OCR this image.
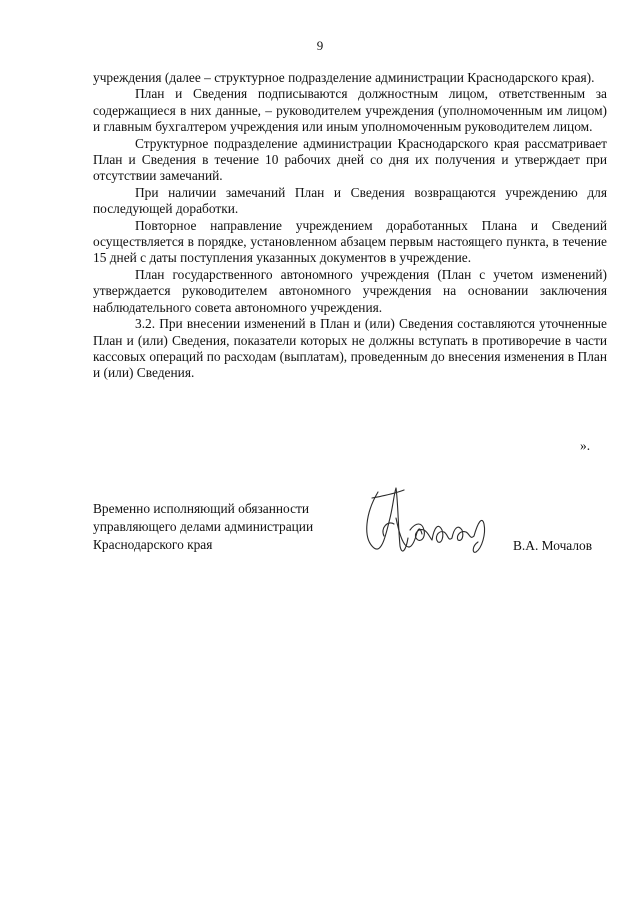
9

учреждения (далее – структурное подразделение администрации Краснодарского края).

План и Сведения подписываются должностным лицом, ответственным за содержащиеся в них данные, – руководителем учреждения (уполномоченным им лицом) и главным бухгалтером учреждения или иным уполномоченным руководителем лицом.

Структурное подразделение администрации Краснодарского края рассматривает План и Сведения в течение 10 рабочих дней со дня их получения и утверждает при отсутствии замечаний.

При наличии замечаний План и Сведения возвращаются учреждению для последующей доработки.

Повторное направление учреждением доработанных Плана и Сведений осуществляется в порядке, установленном абзацем первым настоящего пункта, в течение 15 дней с даты поступления указанных документов в учреждение.

План государственного автономного учреждения (План с учетом изменений) утверждается руководителем автономного учреждения на основании заключения наблюдательного совета автономного учреждения.

3.2. При внесении изменений в План и (или) Сведения составляются уточненные План и (или) Сведения, показатели которых не должны вступать в противоречие в части кассовых операций по расходам (выплатам), проведенным до внесения изменения в План и (или) Сведения.

».
Временно исполняющий обязанности
управляющего делами администрации
Краснодарского края	В.А. Мочалов
